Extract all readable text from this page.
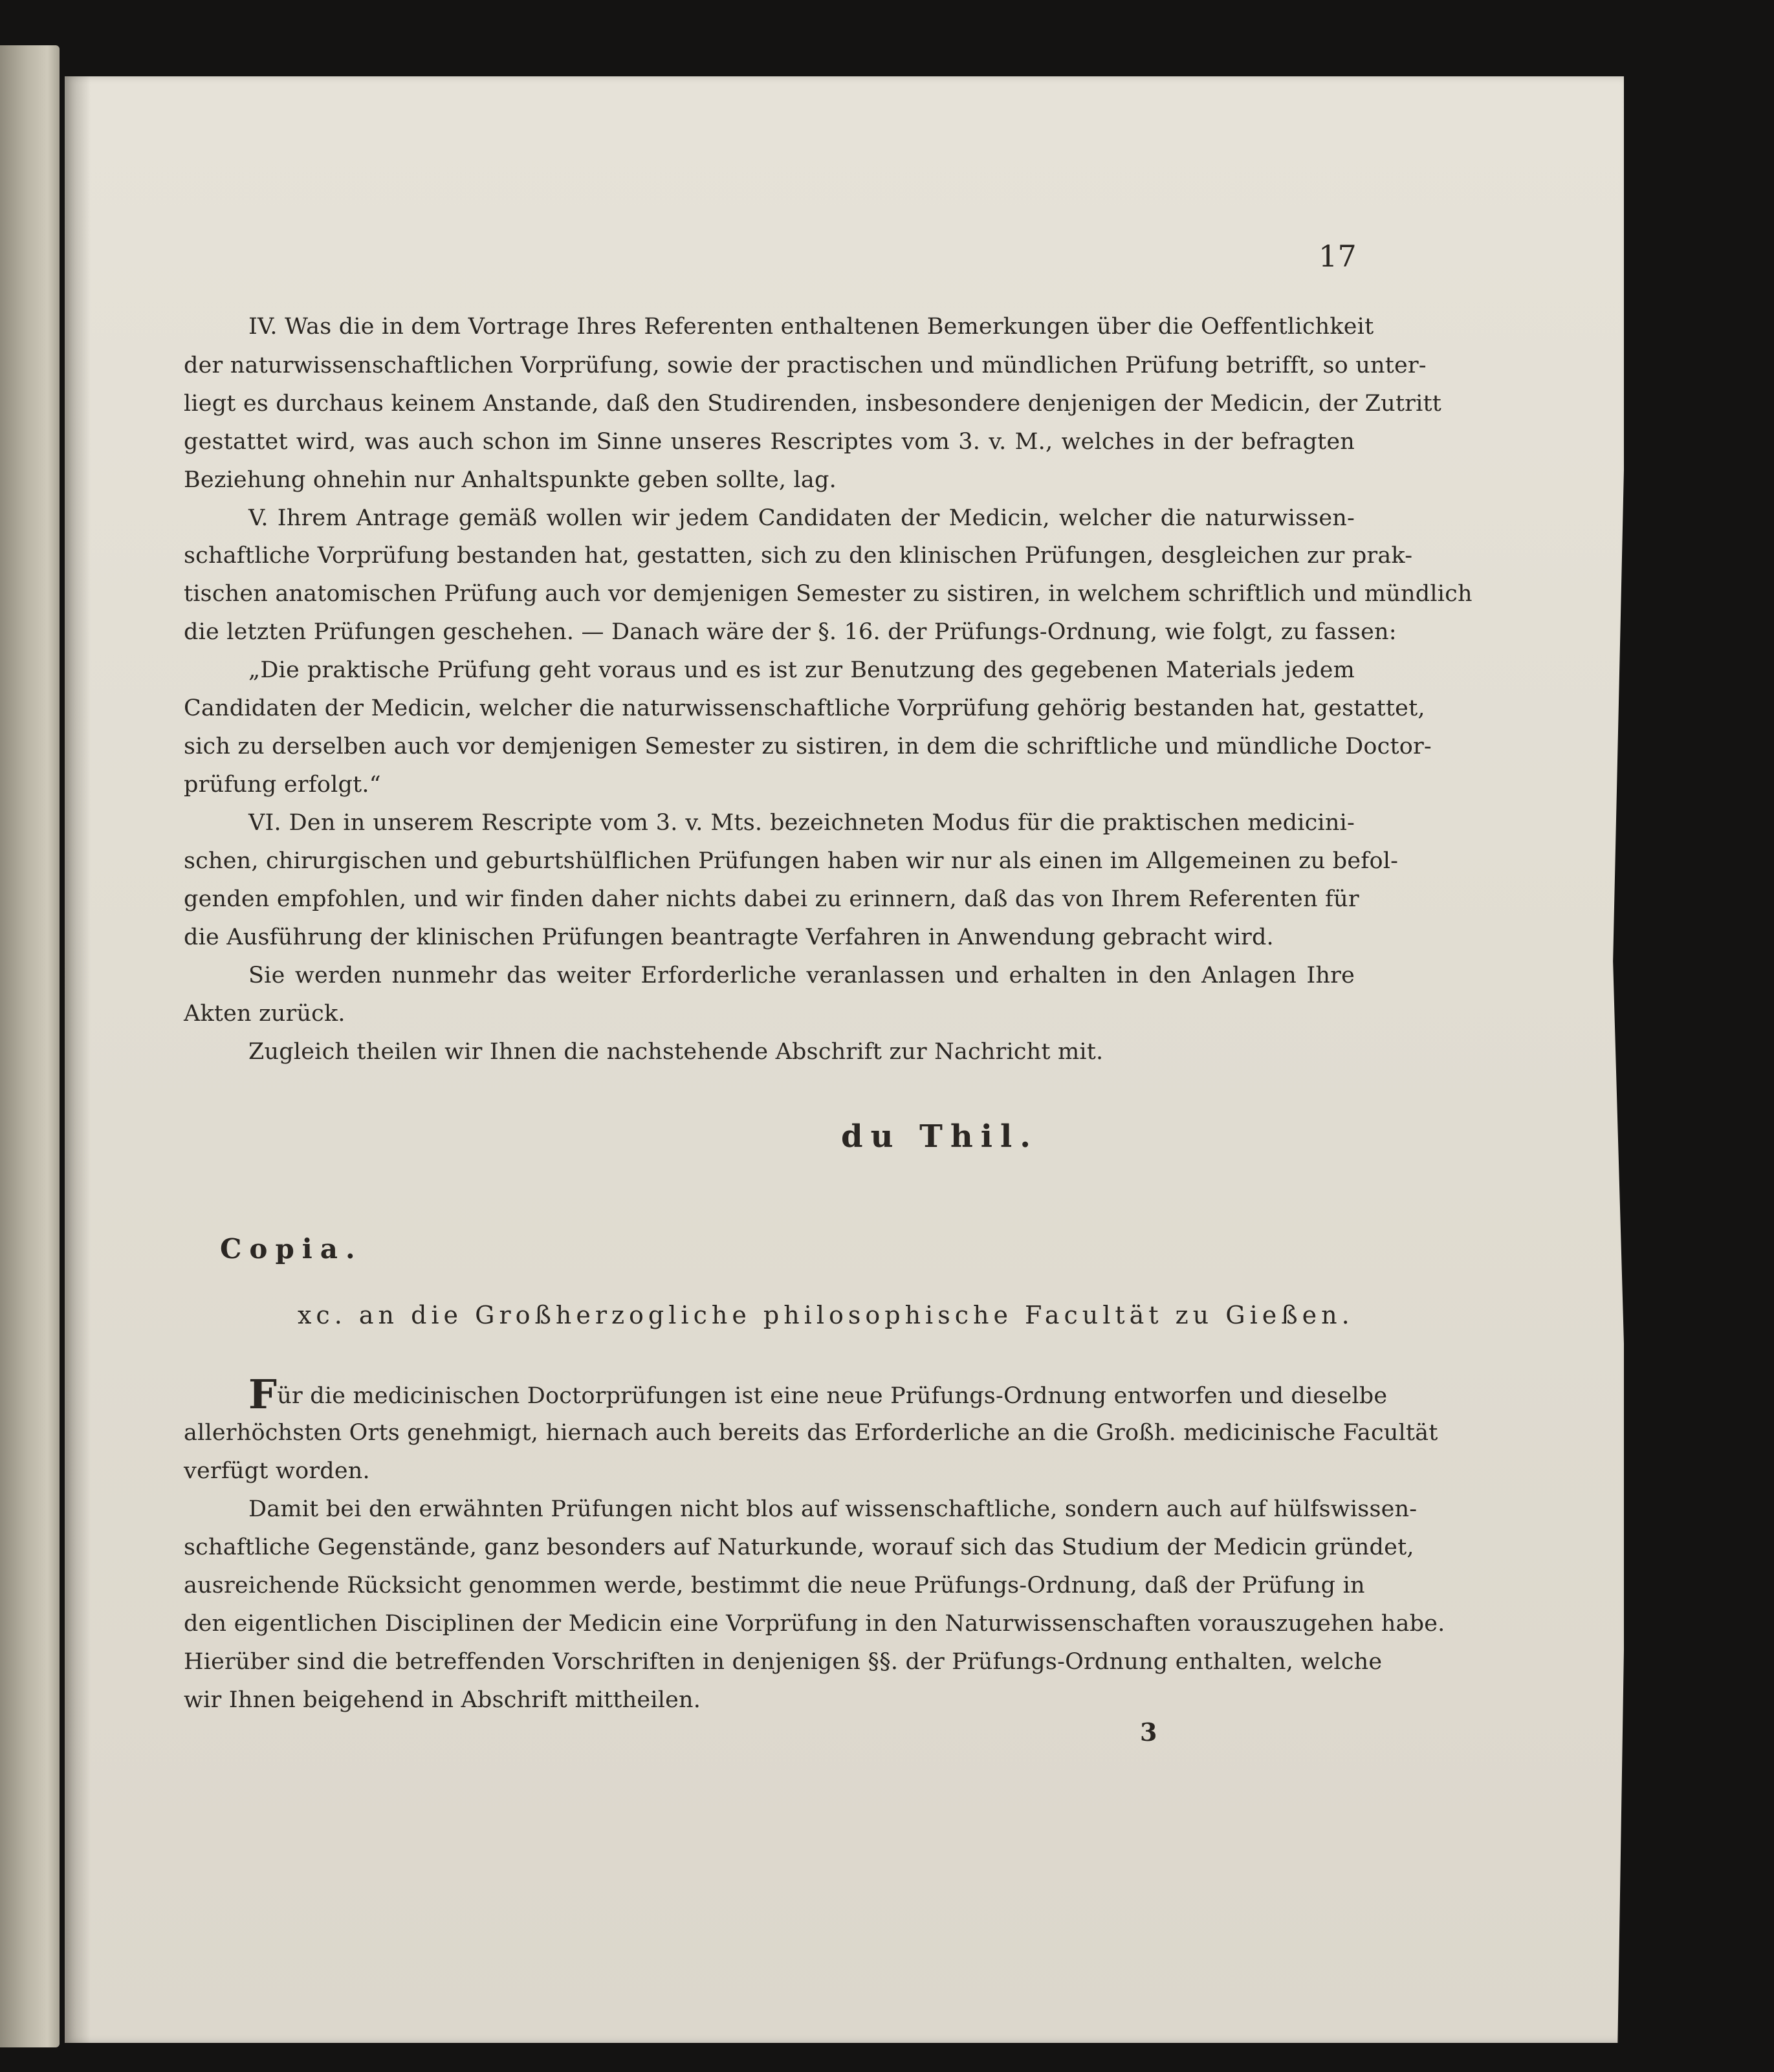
17
IV. Was die in dem Vortrage Ihres Referenten enthaltenen Bemerkungen über die Oeffentlichkeit
der naturwissenschaftlichen Vorprüfung, sowie der practischen und mündlichen Prüfung betrifft, so unter-
liegt es durchaus keinem Anstande, daß den Studirenden, insbesondere denjenigen der Medicin, der Zutritt
gestattet wird, was auch schon im Sinne unseres Rescriptes vom 3. v. M., welches in der befragten
Beziehung ohnehin nur Anhaltspunkte geben sollte, lag.
V. Ihrem Antrage gemäß wollen wir jedem Candidaten der Medicin, welcher die naturwissen-
schaftliche Vorprüfung bestanden hat, gestatten, sich zu den klinischen Prüfungen, desgleichen zur prak-
tischen anatomischen Prüfung auch vor demjenigen Semester zu sistiren, in welchem schriftlich und mündlich
die letzten Prüfungen geschehen. — Danach wäre der §. 16. der Prüfungs-Ordnung, wie folgt, zu fassen:
„Die praktische Prüfung geht voraus und es ist zur Benutzung des gegebenen Materials jedem
Candidaten der Medicin, welcher die naturwissenschaftliche Vorprüfung gehörig bestanden hat, gestattet,
sich zu derselben auch vor demjenigen Semester zu sistiren, in dem die schriftliche und mündliche Doctor-
prüfung erfolgt.“
VI. Den in unserem Rescripte vom 3. v. Mts. bezeichneten Modus für die praktischen medicini-
schen, chirurgischen und geburtshülflichen Prüfungen haben wir nur als einen im Allgemeinen zu befol-
genden empfohlen, und wir finden daher nichts dabei zu erinnern, daß das von Ihrem Referenten für
die Ausführung der klinischen Prüfungen beantragte Verfahren in Anwendung gebracht wird.
Sie werden nunmehr das weiter Erforderliche veranlassen und erhalten in den Anlagen Ihre
Akten zurück.
Zugleich theilen wir Ihnen die nachstehende Abschrift zur Nachricht mit.
du Thil.
Copia.
xc. an die Großherzogliche philosophische Facultät zu Gießen.
Für die medicinischen Doctorprüfungen ist eine neue Prüfungs-Ordnung entworfen und dieselbe
allerhöchsten Orts genehmigt, hiernach auch bereits das Erforderliche an die Großh. medicinische Facultät
verfügt worden.
Damit bei den erwähnten Prüfungen nicht blos auf wissenschaftliche, sondern auch auf hülfswissen-
schaftliche Gegenstände, ganz besonders auf Naturkunde, worauf sich das Studium der Medicin gründet,
ausreichende Rücksicht genommen werde, bestimmt die neue Prüfungs-Ordnung, daß der Prüfung in
den eigentlichen Disciplinen der Medicin eine Vorprüfung in den Naturwissenschaften vorauszugehen habe.
Hierüber sind die betreffenden Vorschriften in denjenigen §§. der Prüfungs-Ordnung enthalten, welche
wir Ihnen beigehend in Abschrift mittheilen.
3
